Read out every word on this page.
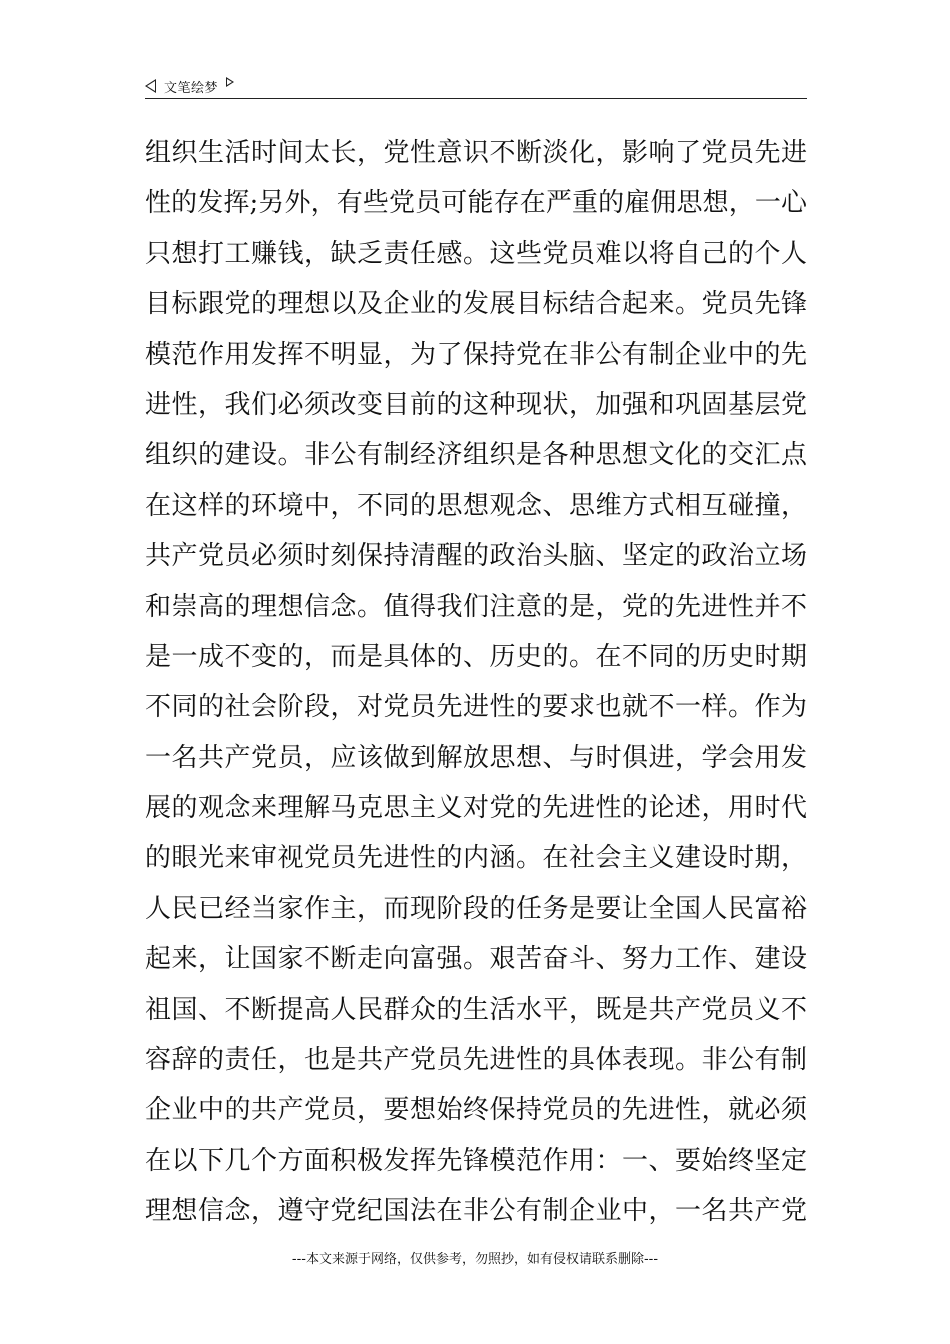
文笔绘梦
组织生活时间太长，党性意识不断淡化，影响了党员先进
性的发挥;另外，有些党员可能存在严重的雇佣思想，一心
只想打工赚钱，缺乏责任感。这些党员难以将自己的个人
目标跟党的理想以及企业的发展目标结合起来。党员先锋
模范作用发挥不明显，为了保持党在非公有制企业中的先
进性，我们必须改变目前的这种现状，加强和巩固基层党
组织的建设。非公有制经济组织是各种思想文化的交汇点
在这样的环境中，不同的思想观念、思维方式相互碰撞，
共产党员必须时刻保持清醒的政治头脑、坚定的政治立场
和崇高的理想信念。值得我们注意的是，党的先进性并不
是一成不变的，而是具体的、历史的。在不同的历史时期
不同的社会阶段，对党员先进性的要求也就不一样。作为
一名共产党员，应该做到解放思想、与时俱进，学会用发
展的观念来理解马克思主义对党的先进性的论述，用时代
的眼光来审视党员先进性的内涵。在社会主义建设时期，
人民已经当家作主，而现阶段的任务是要让全国人民富裕
起来，让国家不断走向富强。艰苦奋斗、努力工作、建设
祖国、不断提高人民群众的生活水平，既是共产党员义不
容辞的责任，也是共产党员先进性的具体表现。非公有制
企业中的共产党员，要想始终保持党员的先进性，就必须
在以下几个方面积极发挥先锋模范作用：一、要始终坚定
理想信念，遵守党纪国法在非公有制企业中，一名共产党
---本文来源于网络，仅供参考，勿照抄，如有侵权请联系删除---
